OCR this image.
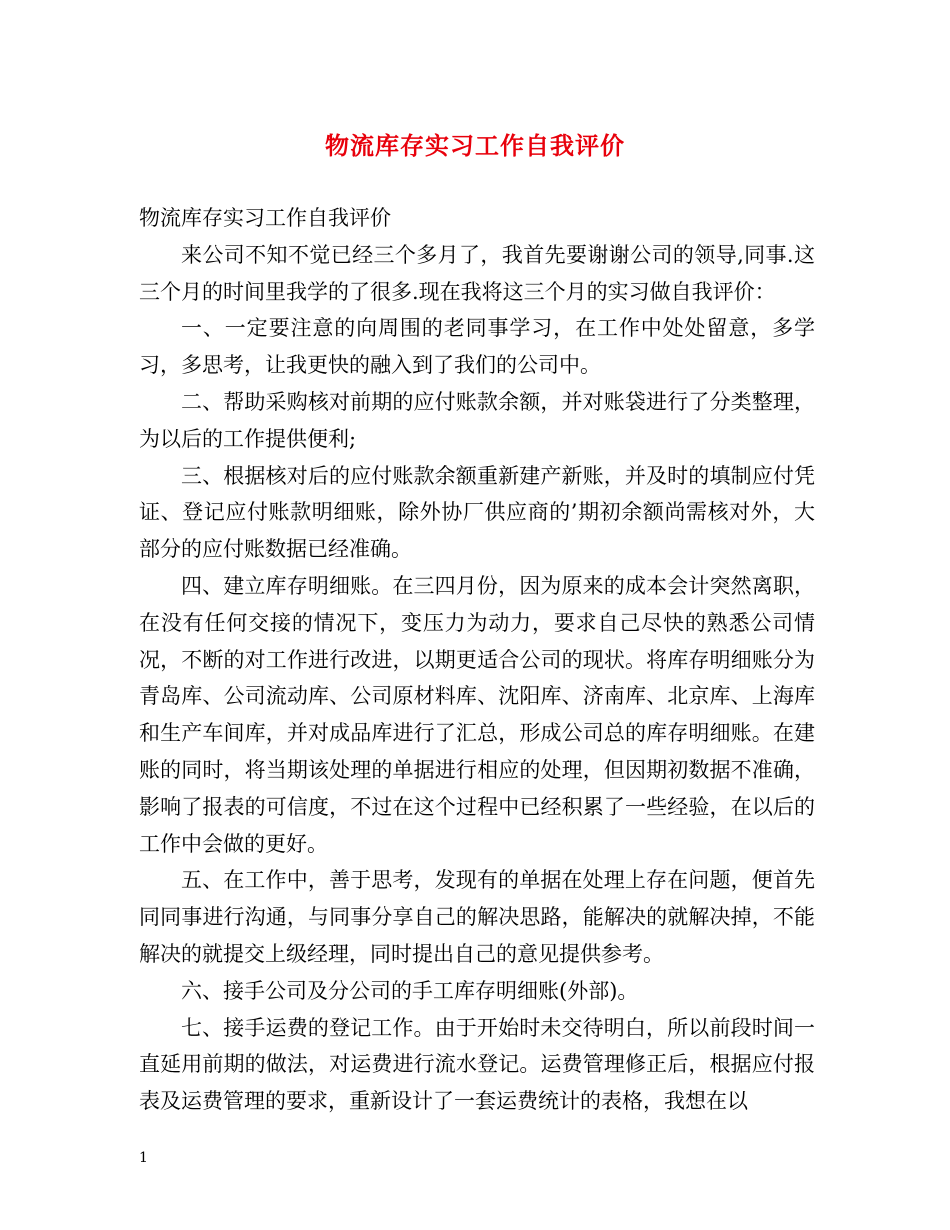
物流库存实习工作自我评价

物流库存实习工作自我评价

来公司不知不觉已经三个多月了，我首先要谢谢公司的领导,同事.这三个月的时间里我学的了很多.现在我将这三个月的实习做自我评价：

一、一定要注意的向周围的老同事学习，在工作中处处留意，多学习，多思考，让我更快的融入到了我们的公司中。

二、帮助采购核对前期的应付账款余额，并对账袋进行了分类整理，为以后的工作提供便利;

三、根据核对后的应付账款余额重新建产新账，并及时的填制应付凭证、登记应付账款明细账，除外协厂供应商的’期初余额尚需核对外，大部分的应付账数据已经准确。

四、建立库存明细账。在三四月份，因为原来的成本会计突然离职，在没有任何交接的情况下，变压力为动力，要求自己尽快的熟悉公司情况，不断的对工作进行改进，以期更适合公司的现状。将库存明细账分为青岛库、公司流动库、公司原材料库、沈阳库、济南库、北京库、上海库和生产车间库，并对成品库进行了汇总，形成公司总的库存明细账。在建账的同时，将当期该处理的单据进行相应的处理，但因期初数据不准确，影响了报表的可信度，不过在这个过程中已经积累了一些经验，在以后的工作中会做的更好。

五、在工作中，善于思考，发现有的单据在处理上存在问题，便首先同同事进行沟通，与同事分享自己的解决思路，能解决的就解决掉，不能解决的就提交上级经理，同时提出自己的意见提供参考。

六、接手公司及分公司的手工库存明细账(外部)。

七、接手运费的登记工作。由于开始时未交待明白，所以前段时间一直延用前期的做法，对运费进行流水登记。运费管理修正后，根据应付报表及运费管理的要求，重新设计了一套运费统计的表格，我想在以

1
